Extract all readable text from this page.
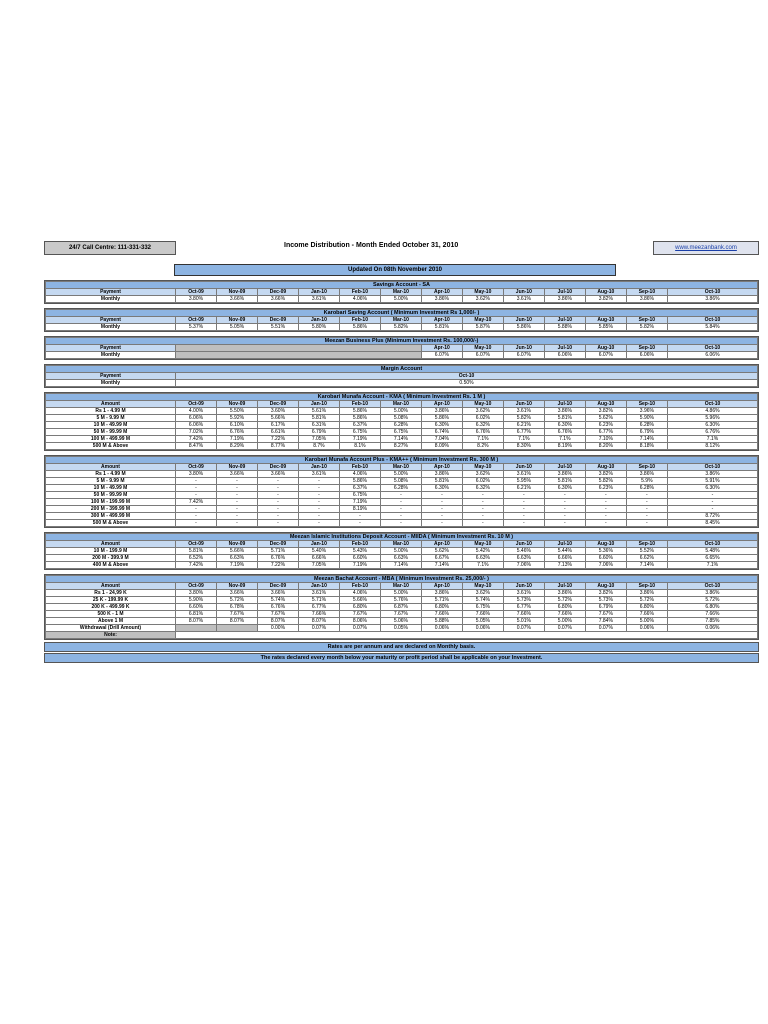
24/7 Call Centre: 111-331-332	Income Distribution - Month Ended October 31, 2010	www.meezanbank.com
Updated On 08th November 2010
Savings Account - SA													
Payment	Oct-09	Nov-09	Dec-09	Jan-10	Feb-10	Mar-10	Apr-10	May-10	Jun-10	Jul-10	Aug-10	Sep-10	Oct-10
Monthly	3.80%	3.66%	3.66%	3.61%	4.06%	5.00%	3.86%	3.62%	3.61%	3.86%	3.82%	3.86%	3.86%
Karobari Saving Account ( Minimum Investment Rs 1,000/- )													
Payment	Oct-09	Nov-09	Dec-09	Jan-10	Feb-10	Mar-10	Apr-10	May-10	Jun-10	Jul-10	Aug-10	Sep-10	Oct-10
Monthly	5.37%	5.05%	5.51%	5.80%	5.86%	5.82%	5.81%	5.87%	5.86%	5.88%	5.85%	5.82%	5.84%
Meezan Business Plus (Minimum Investment Rs. 100,000/-)								
Payment		Apr-10	May-10	Jun-10	Jul-10	Aug-10	Sep-10	Oct-10
Monthly		6.07%	6.07%	6.07%	6.06%	6.07%	6.06%	6.06%
Margin Account	
Payment	Oct-10
Monthly	0.50%
Karobari Munafa Account - KMA ( Minimum Investment Rs. 1 M )													
Amount	Oct-09	Nov-09	Dec-09	Jan-10	Feb-10	Mar-10	Apr-10	May-10	Jun-10	Jul-10	Aug-10	Sep-10	Oct-10
Rs 1 - 4.99 M	4.00%	5.50%	3.60%	5.61%	5.86%	5.00%	3.86%	3.62%	3.61%	3.86%	3.82%	3.96%	4.86%
5 M - 9.99 M	6.06%	5.92%	5.66%	5.81%	5.86%	5.08%	5.86%	6.02%	5.82%	5.81%	5.62%	5.90%	5.96%
10 M - 49.99 M	6.06%	6.10%	6.17%	6.31%	6.37%	6.28%	6.30%	6.32%	6.21%	6.30%	6.23%	6.28%	6.30%
50 M - 99.99 M	7.02%	6.76%	6.61%	6.79%	6.75%	6.75%	6.74%	6.76%	6.77%	6.76%	6.77%	6.79%	6.76%
100 M - 499.99 M	7.42%	7.19%	7.22%	7.05%	7.19%	7.14%	7.04%	7.1%	7.1%	7.1%	7.10%	7.14%	7.1%
500 M & Above	8.47%	8.29%	8.77%	8.7%	8.1%	8.27%	8.09%	8.2%	8.30%	8.19%	8.20%	8.18%	8.12%
Karobari Munafa Account Plus - KMA++ ( Minimum Investment Rs. 300 M )													
Amount	Oct-09	Nov-09	Dec-09	Jan-10	Feb-10	Mar-10	Apr-10	May-10	Jun-10	Jul-10	Aug-10	Sep-10	Oct-10
Rs 1 - 4.99 M	3.80%	3.66%	3.66%	3.61%	4.06%	5.00%	3.86%	3.62%	3.61%	3.86%	3.82%	3.86%	3.86%
5 M - 9.99 M	-	-	-	-	5.86%	5.08%	5.81%	6.02%	5.95%	5.81%	5.82%	5.9%	5.91%
10 M - 49.99 M	-	-	-	-	6.37%	6.28%	6.30%	6.32%	6.21%	6.30%	6.23%	6.28%	6.30%
50 M - 99.99 M	-	-	-	-	6.75%	-	-	-	-	-	-	-	-
100 M - 199.99 M	7.42%	-	-	-	7.19%	-	-	-	-	-	-	-	-
200 M - 399.99 M	-	-	-	-	8.19%	-	-	-	-	-	-	-	-
300 M - 499.99 M	-	-	-	-	-	-	-	-	-	-	-	-	8.72%
500 M & Above	-	-	-	-	-	-	-	-	-	-	-	-	8.45%
Meezan Islamic Institutions Deposit Account - MIIDA ( Minimum Investment Rs. 10 M )													
Amount	Oct-09	Nov-09	Dec-09	Jan-10	Feb-10	Mar-10	Apr-10	May-10	Jun-10	Jul-10	Aug-10	Sep-10	Oct-10
10 M - 199.9 M	5.81%	5.66%	5.71%	5.40%	5.43%	5.00%	5.62%	5.42%	5.46%	5.44%	5.36%	5.52%	5.48%
200 M - 399.9 M	6.52%	6.63%	6.76%	6.66%	6.60%	6.63%	6.67%	6.63%	6.63%	6.66%	6.60%	6.62%	6.65%
400 M & Above	7.42%	7.19%	7.22%	7.05%	7.19%	7.14%	7.14%	7.1%	7.06%	7.13%	7.06%	7.14%	7.1%
Meezan Bachat Account - MBA ( Minimum Investment Rs. 25,000/- )													
Amount	Oct-09	Nov-09	Dec-09	Jan-10	Feb-10	Mar-10	Apr-10	May-10	Jun-10	Jul-10	Aug-10	Sep-10	Oct-10
Rs 1 - 24,99 K	3.80%	3.66%	3.66%	3.61%	4.06%	5.00%	3.86%	3.62%	3.61%	3.86%	3.82%	3.86%	3.86%
25 K - 199.99 K	5.90%	5.72%	5.74%	5.71%	5.66%	5.76%	5.71%	5.74%	5.73%	5.72%	5.73%	5.72%	5.72%
200 K - 499.99 K	6.60%	6.78%	6.76%	6.77%	6.80%	6.87%	6.80%	6.75%	6.77%	6.80%	6.79%	6.80%	6.80%
500 K - 1 M	6.81%	7.67%	7.67%	7.66%	7.67%	7.67%	7.66%	7.66%	7.66%	7.66%	7.67%	7.66%	7.66%
Above 1 M	8.07%	8.07%	8.07%	8.07%	8.06%	5.06%	5.88%	5.05%	5.01%	5.00%	7.84%	5.00%	7.85%
Withdrawal (Drill Amount)			0.00%	0.07%	0.07%	0.05%	0.06%	0.06%	0.07%	0.07%	0.07%	0.06%	0.06%
Note:													
Rates are per annum and are declared on Monthly basis.
The rates declared every month below your maturity or profit period shall be applicable on your Investment.
